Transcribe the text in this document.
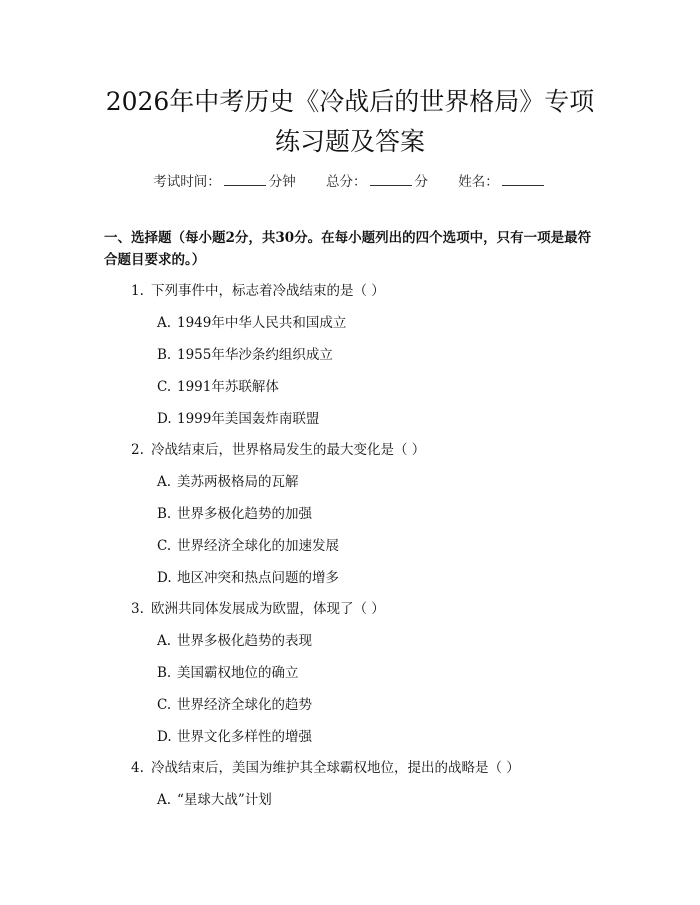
2026年中考历史《冷战后的世界格局》专项
练习题及答案
考试时间：	分钟 总分：	分 姓名：
一、选择题（每小题2分，共30分。在每小题列出的四个选项中，只有一项是最符合题目要求的。）
1. 下列事件中，标志着冷战结束的是（ ）
A. 1949年中华人民共和国成立
B. 1955年华沙条约组织成立
C. 1991年苏联解体
D. 1999年美国轰炸南联盟
2. 冷战结束后，世界格局发生的最大变化是（ ）
A. 美苏两极格局的瓦解
B. 世界多极化趋势的加强
C. 世界经济全球化的加速发展
D. 地区冲突和热点问题的增多
3. 欧洲共同体发展成为欧盟，体现了（ ）
A. 世界多极化趋势的表现
B. 美国霸权地位的确立
C. 世界经济全球化的趋势
D. 世界文化多样性的增强
4. 冷战结束后，美国为维护其全球霸权地位，提出的战略是（ ）
A. “星球大战”计划
